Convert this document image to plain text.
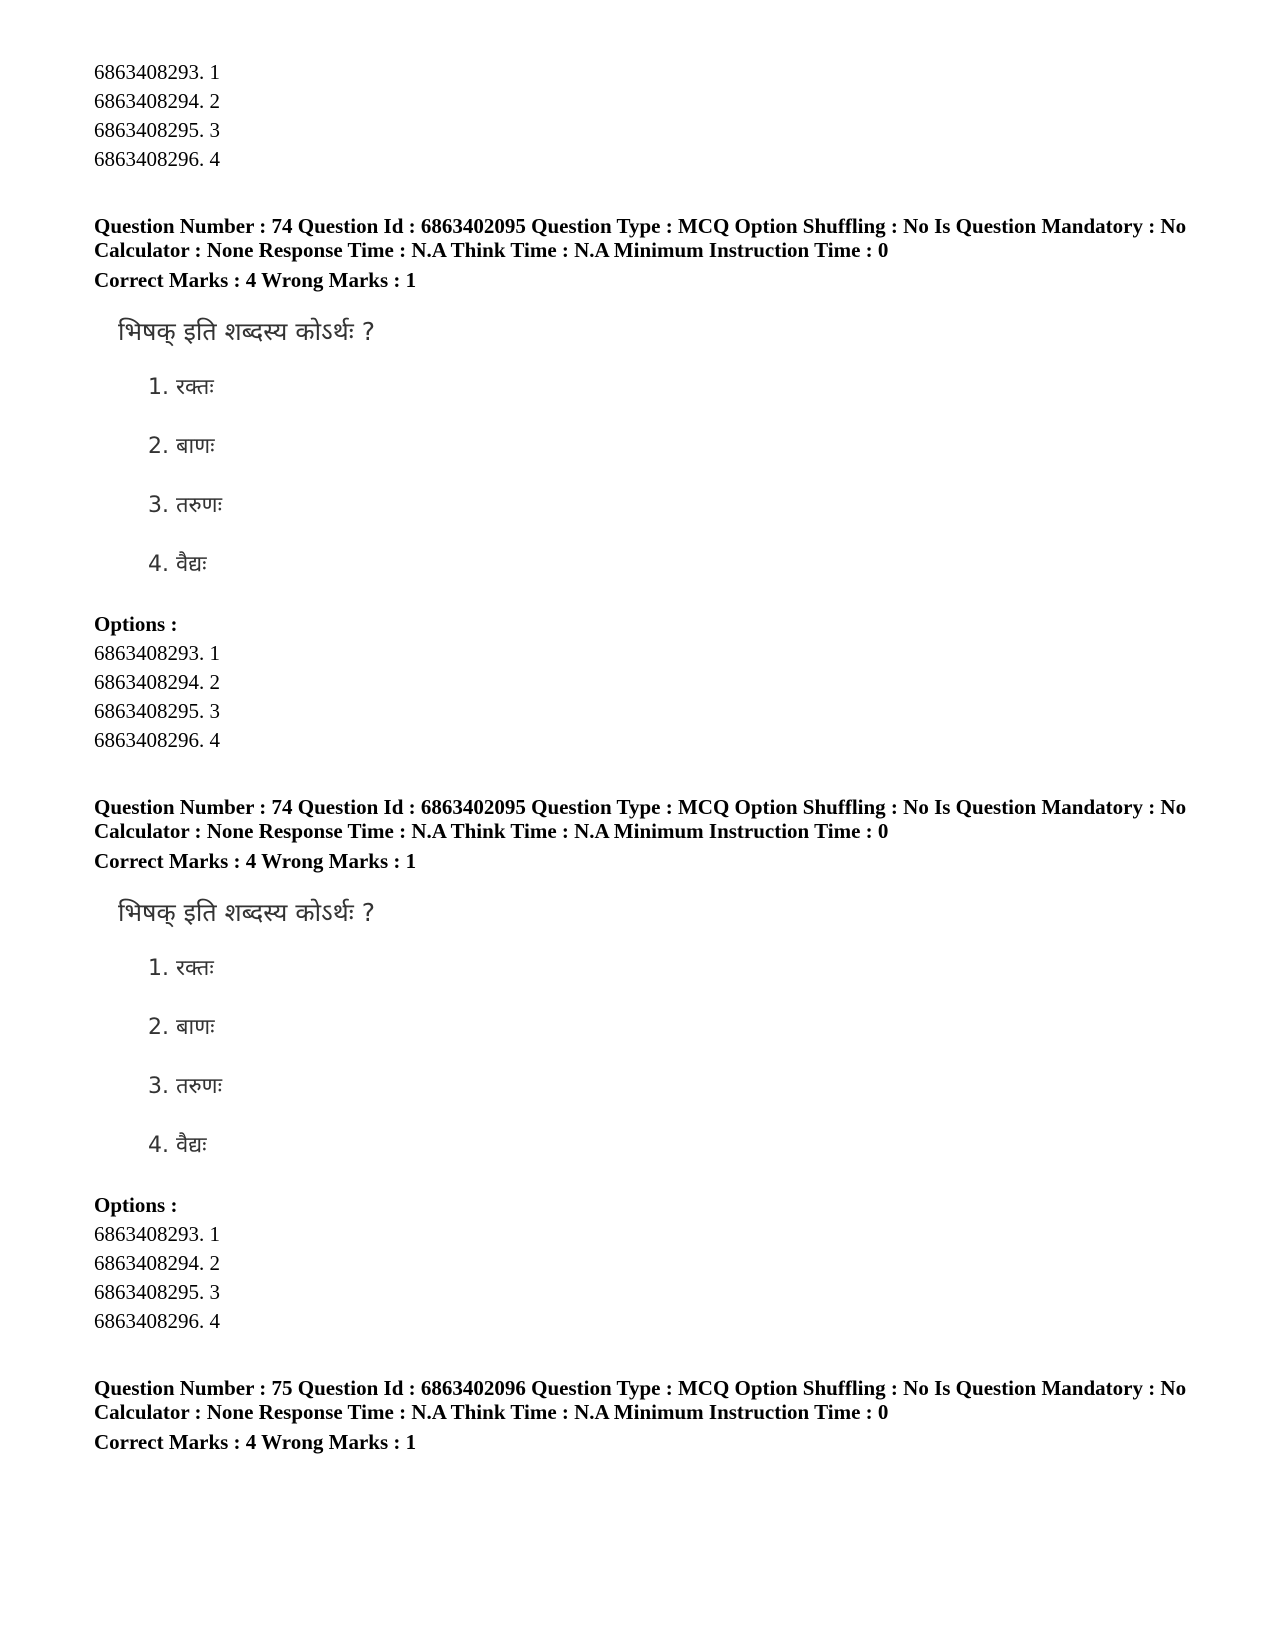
6863408293. 1
6863408294. 2
6863408295. 3
6863408296. 4
Question Number : 74 Question Id : 6863402095 Question Type : MCQ Option Shuffling : No Is Question Mandatory : No Calculator : None Response Time : N.A Think Time : N.A Minimum Instruction Time : 0
Correct Marks : 4 Wrong Marks : 1
भिषक् इति शब्दस्य कोऽर्थः ?
1. रक्तः
2. बाणः
3. तरुणः
4. वैद्यः
Options :
6863408293. 1
6863408294. 2
6863408295. 3
6863408296. 4
Question Number : 74 Question Id : 6863402095 Question Type : MCQ Option Shuffling : No Is Question Mandatory : No Calculator : None Response Time : N.A Think Time : N.A Minimum Instruction Time : 0
Correct Marks : 4 Wrong Marks : 1
भिषक् इति शब्दस्य कोऽर्थः ?
1. रक्तः
2. बाणः
3. तरुणः
4. वैद्यः
Options :
6863408293. 1
6863408294. 2
6863408295. 3
6863408296. 4
Question Number : 75 Question Id : 6863402096 Question Type : MCQ Option Shuffling : No Is Question Mandatory : No Calculator : None Response Time : N.A Think Time : N.A Minimum Instruction Time : 0
Correct Marks : 4 Wrong Marks : 1
